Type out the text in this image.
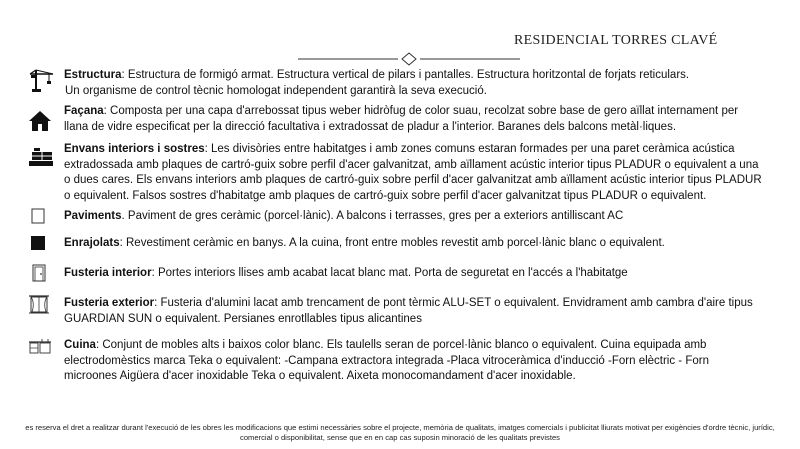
RESIDENCIAL TORRES CLAVÉ
Estructura: Estructura de formigó armat. Estructura vertical de pilars i pantalles. Estructura horitzontal de forjats reticulars.
Un organisme de control tècnic homologat independent garantirà la seva execució.
Façana: Composta per una capa d'arrebossat tipus weber hidròfug de color suau, recolzat sobre base de gero aïllat internament per llana de vidre especificat per la direcció facultativa i extradossat de pladur a l'interior. Baranes dels balcons metàl·liques.
Envans interiors i sostres: Les divisòries entre habitatges i amb zones comuns estaran formades per una paret ceràmica acústica extradossada amb plaques de cartró-guix sobre perfil d'acer galvanitzat, amb aïllament acústic interior tipus PLADUR o equivalent a una o dues cares. Els envans interiors amb plaques de cartró-guix sobre perfil d'acer galvanitzat amb aïllament acústic interior tipus PLADUR o equivalent. Falsos sostres d'habitatge amb plaques de cartró-guix sobre perfil d'acer galvanitzat tipus PLADUR o equivalent.
Paviments. Paviment de gres ceràmic (porcel·lànic). A balcons i terrasses, gres per a exteriors antilliscant AC
Enrajolats: Revestiment ceràmic en banys. A la cuina, front entre mobles revestit amb porcel·lànic blanc o equivalent.
Fusteria interior: Portes interiors llises amb acabat lacat blanc mat. Porta de seguretat en l'accés a l'habitatge
Fusteria exterior: Fusteria d'alumini lacat amb trencament de pont tèrmic ALU-SET o equivalent. Envidrament amb cambra d'aire tipus GUARDIAN SUN o equivalent. Persianes enrotllables tipus alicantines
Cuina: Conjunt de mobles alts i baixos color blanc. Els taulells seran de porcel·lànic blanco o equivalent. Cuina equipada amb electrodomèstics marca Teka o equivalent: -Campana extractora integrada -Placa vitroceràmica d'inducció -Forn elèctric - Forn microones Aigüera d'acer inoxidable Teka o equivalent. Aixeta monocomandament d'acer inoxidable.
es reserva el dret a realitzar durant l'execució de les obres les modificacions que estimi necessàries sobre el projecte, memòria de qualitats, imatges comercials i publicitat lliurats motivat per exigències d'ordre tècnic, jurídic,
comercial o disponibilitat, sense que en en cap cas suposin minoració de les qualitats previstes
